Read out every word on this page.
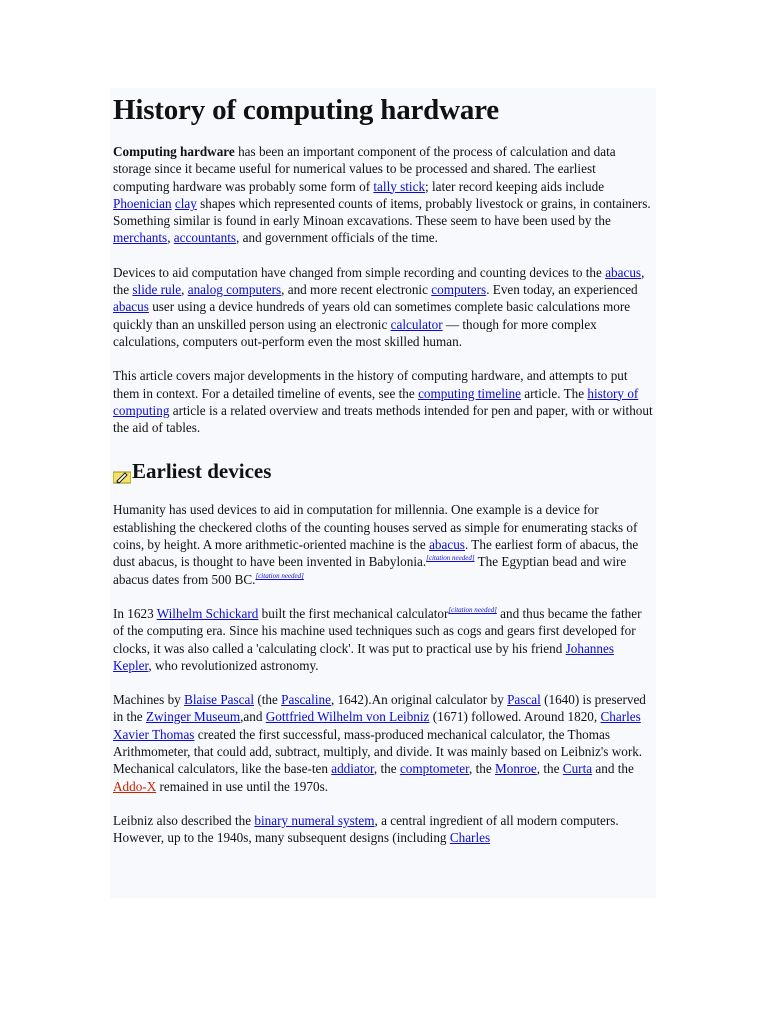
History of computing hardware

Computing hardware has been an important component of the process of calculation and data storage since it became useful for numerical values to be processed and shared. The earliest computing hardware was probably some form of tally stick; later record keeping aids include Phoenician clay shapes which represented counts of items, probably livestock or grains, in containers. Something similar is found in early Minoan excavations. These seem to have been used by the merchants, accountants, and government officials of the time.

Devices to aid computation have changed from simple recording and counting devices to the abacus, the slide rule, analog computers, and more recent electronic computers. Even today, an experienced abacus user using a device hundreds of years old can sometimes complete basic calculations more quickly than an unskilled person using an electronic calculator — though for more complex calculations, computers out-perform even the most skilled human.

This article covers major developments in the history of computing hardware, and attempts to put them in context. For a detailed timeline of events, see the computing timeline article. The history of computing article is a related overview and treats methods intended for pen and paper, with or without the aid of tables.

Earliest devices

Humanity has used devices to aid in computation for millennia. One example is a device for establishing the checkered cloths of the counting houses served as simple for enumerating stacks of coins, by height. A more arithmetic-oriented machine is the abacus. The earliest form of abacus, the dust abacus, is thought to have been invented in Babylonia.[citation needed] The Egyptian bead and wire abacus dates from 500 BC.[citation needed]

In 1623 Wilhelm Schickard built the first mechanical calculator[citation needed] and thus became the father of the computing era. Since his machine used techniques such as cogs and gears first developed for clocks, it was also called a 'calculating clock'. It was put to practical use by his friend Johannes Kepler, who revolutionized astronomy.

Machines by Blaise Pascal (the Pascaline, 1642).An original calculator by Pascal (1640) is preserved in the Zwinger Museum,and Gottfried Wilhelm von Leibniz (1671) followed. Around 1820, Charles Xavier Thomas created the first successful, mass-produced mechanical calculator, the Thomas Arithmometer, that could add, subtract, multiply, and divide. It was mainly based on Leibniz's work. Mechanical calculators, like the base-ten addiator, the comptometer, the Monroe, the Curta and the Addo-X remained in use until the 1970s.

Leibniz also described the binary numeral system, a central ingredient of all modern computers. However, up to the 1940s, many subsequent designs (including Charles
